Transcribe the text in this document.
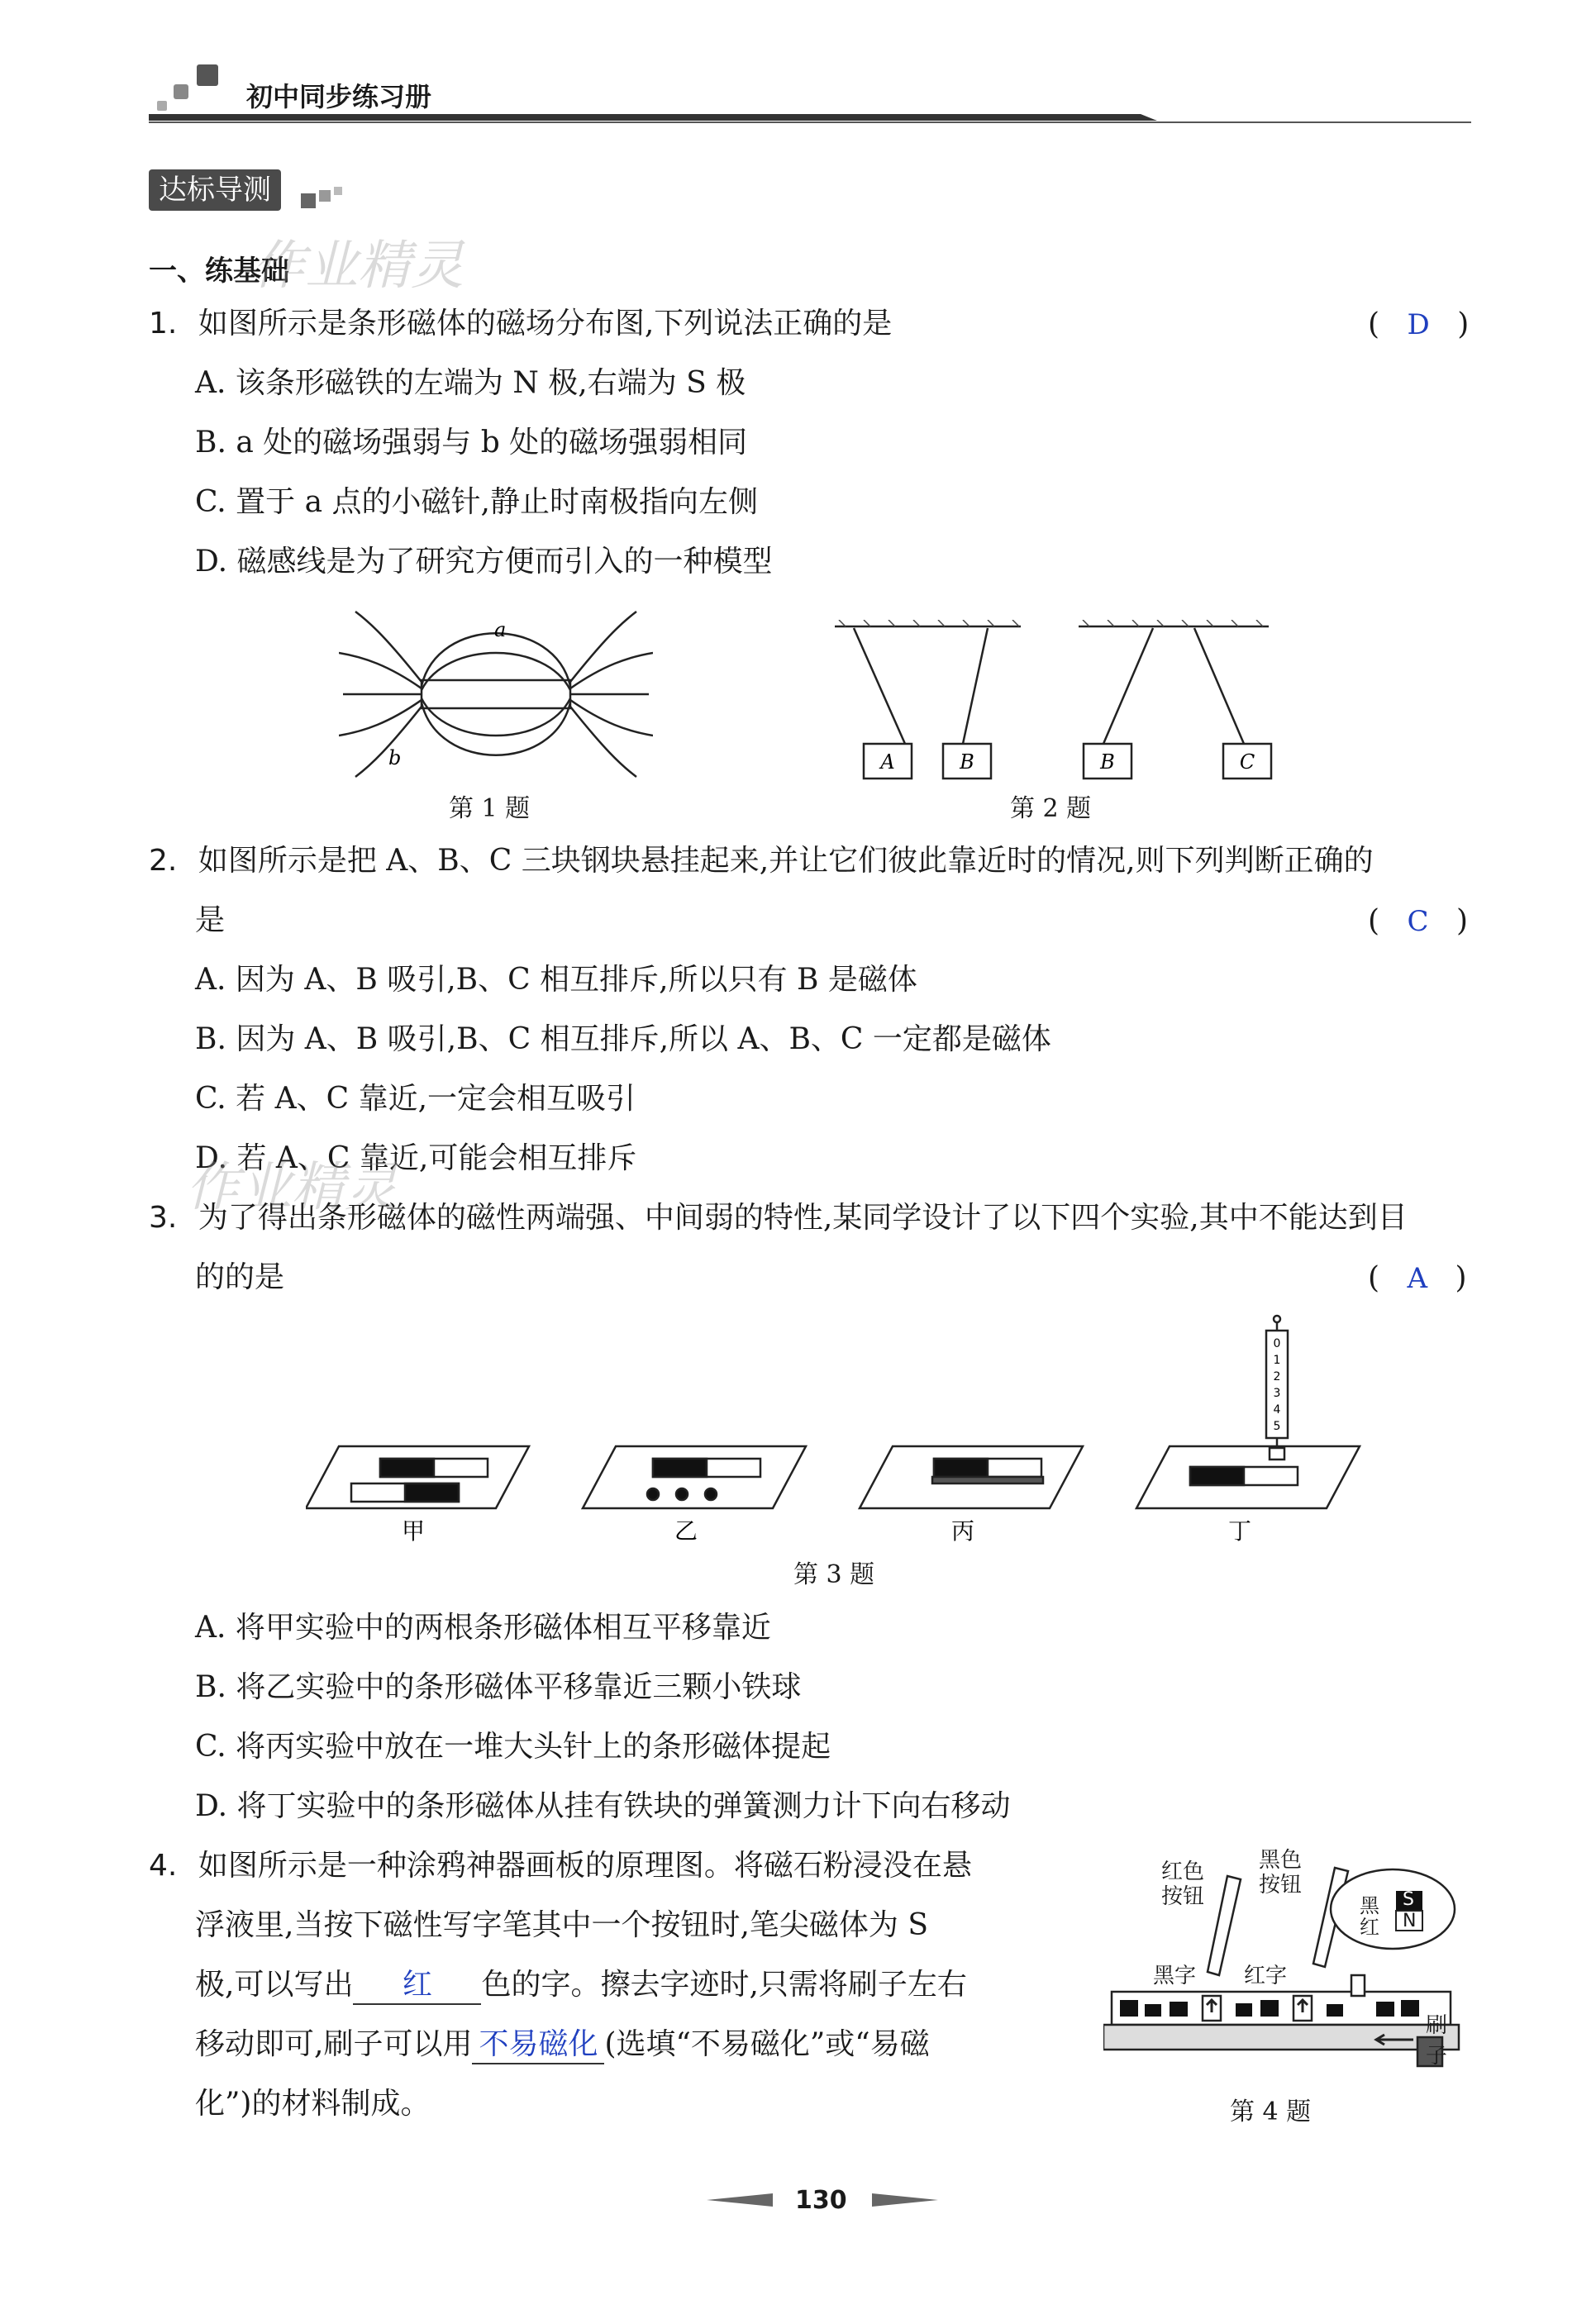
初中同步练习册
达标导测
一、练基础
作业精灵
1. 如图所示是条形磁体的磁场分布图,下列说法正确的是	( D )
A. 该条形磁铁的左端为 N 极,右端为 S 极
B. a 处的磁场强弱与 b 处的磁场强弱相同
C. 置于 a 点的小磁针,静止时南极指向左侧
D. 磁感线是为了研究方便而引入的一种模型
a
b
第 1 题
A	B	B	C
第 2 题
2. 如图所示是把 A、B、C 三块钢块悬挂起来,并让它们彼此靠近时的情况,则下列判断正确的
是	( C )
A. 因为 A、B 吸引,B、C 相互排斥,所以只有 B 是磁体
B. 因为 A、B 吸引,B、C 相互排斥,所以 A、B、C 一定都是磁体
C. 若 A、C 靠近,一定会相互吸引
D. 若 A、C 靠近,可能会相互排斥
作业精灵
3. 为了得出条形磁体的磁性两端强、中间弱的特性,某同学设计了以下四个实验,其中不能达到目
的的是	( A )
0
1
2
3
4
5
甲	乙	丙	丁
第 3 题
A. 将甲实验中的两根条形磁体相互平移靠近
B. 将乙实验中的条形磁体平移靠近三颗小铁球
C. 将丙实验中放在一堆大头针上的条形磁体提起
D. 将丁实验中的条形磁体从挂有铁块的弹簧测力计下向右移动
4. 如图所示是一种涂鸦神器画板的原理图。将磁石粉浸没在悬
浮液里,当按下磁性写字笔其中一个按钮时,笔尖磁体为 S
极,可以写出 红 色的字。擦去字迹时,只需将刷子左右
移动即可,刷子可以用 不易磁化 (选填“不易磁化”或“易磁
化”)的材料制成。
红色
按钮
黑色
按钮
黑字 红字
刷子
黑
红
S
N
第 4 题
130
